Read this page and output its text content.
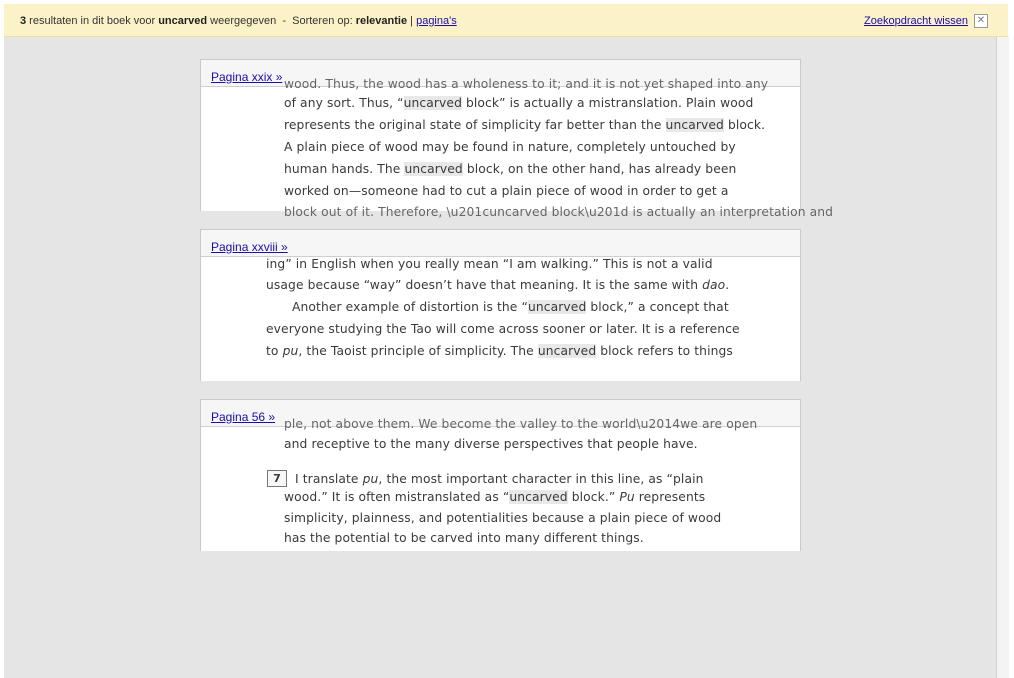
3 resultaten in dit boek voor uncarved weergegeven  -  Sorteren op: relevantie | pagina's	Zoekopdracht wissen ✕
Pagina xxix » wood. Thus, the wood has a wholeness to it; and it is not yet shaped into any
of any sort. Thus, “uncarved block” is actually a mistranslation. Plain wood
represents the original state of simplicity far better than the uncarved block.
A plain piece of wood may be found in nature, completely untouched by
human hands. The uncarved block, on the other hand, has already been
worked on—someone had to cut a plain piece of wood in order to get a
block out of it. Therefore, \u201cuncarved block\u201d is actually an interpretation and
Pagina xxviii »
ing” in English when you really mean “I am walking.” This is not a valid
usage because “way” doesn’t have that meaning. It is the same with dao.
Another example of distortion is the “uncarved block,” a concept that
everyone studying the Tao will come across sooner or later. It is a reference
to pu, the Taoist principle of simplicity. The uncarved block refers to things
Pagina 56 » ple, not above them. We become the valley to the world\u2014we are open
and receptive to the many diverse perspectives that people have.
7 I translate pu, the most important character in this line, as “plain
wood.” It is often mistranslated as “uncarved block.” Pu represents
simplicity, plainness, and potentialities because a plain piece of wood
has the potential to be carved into many different things.
